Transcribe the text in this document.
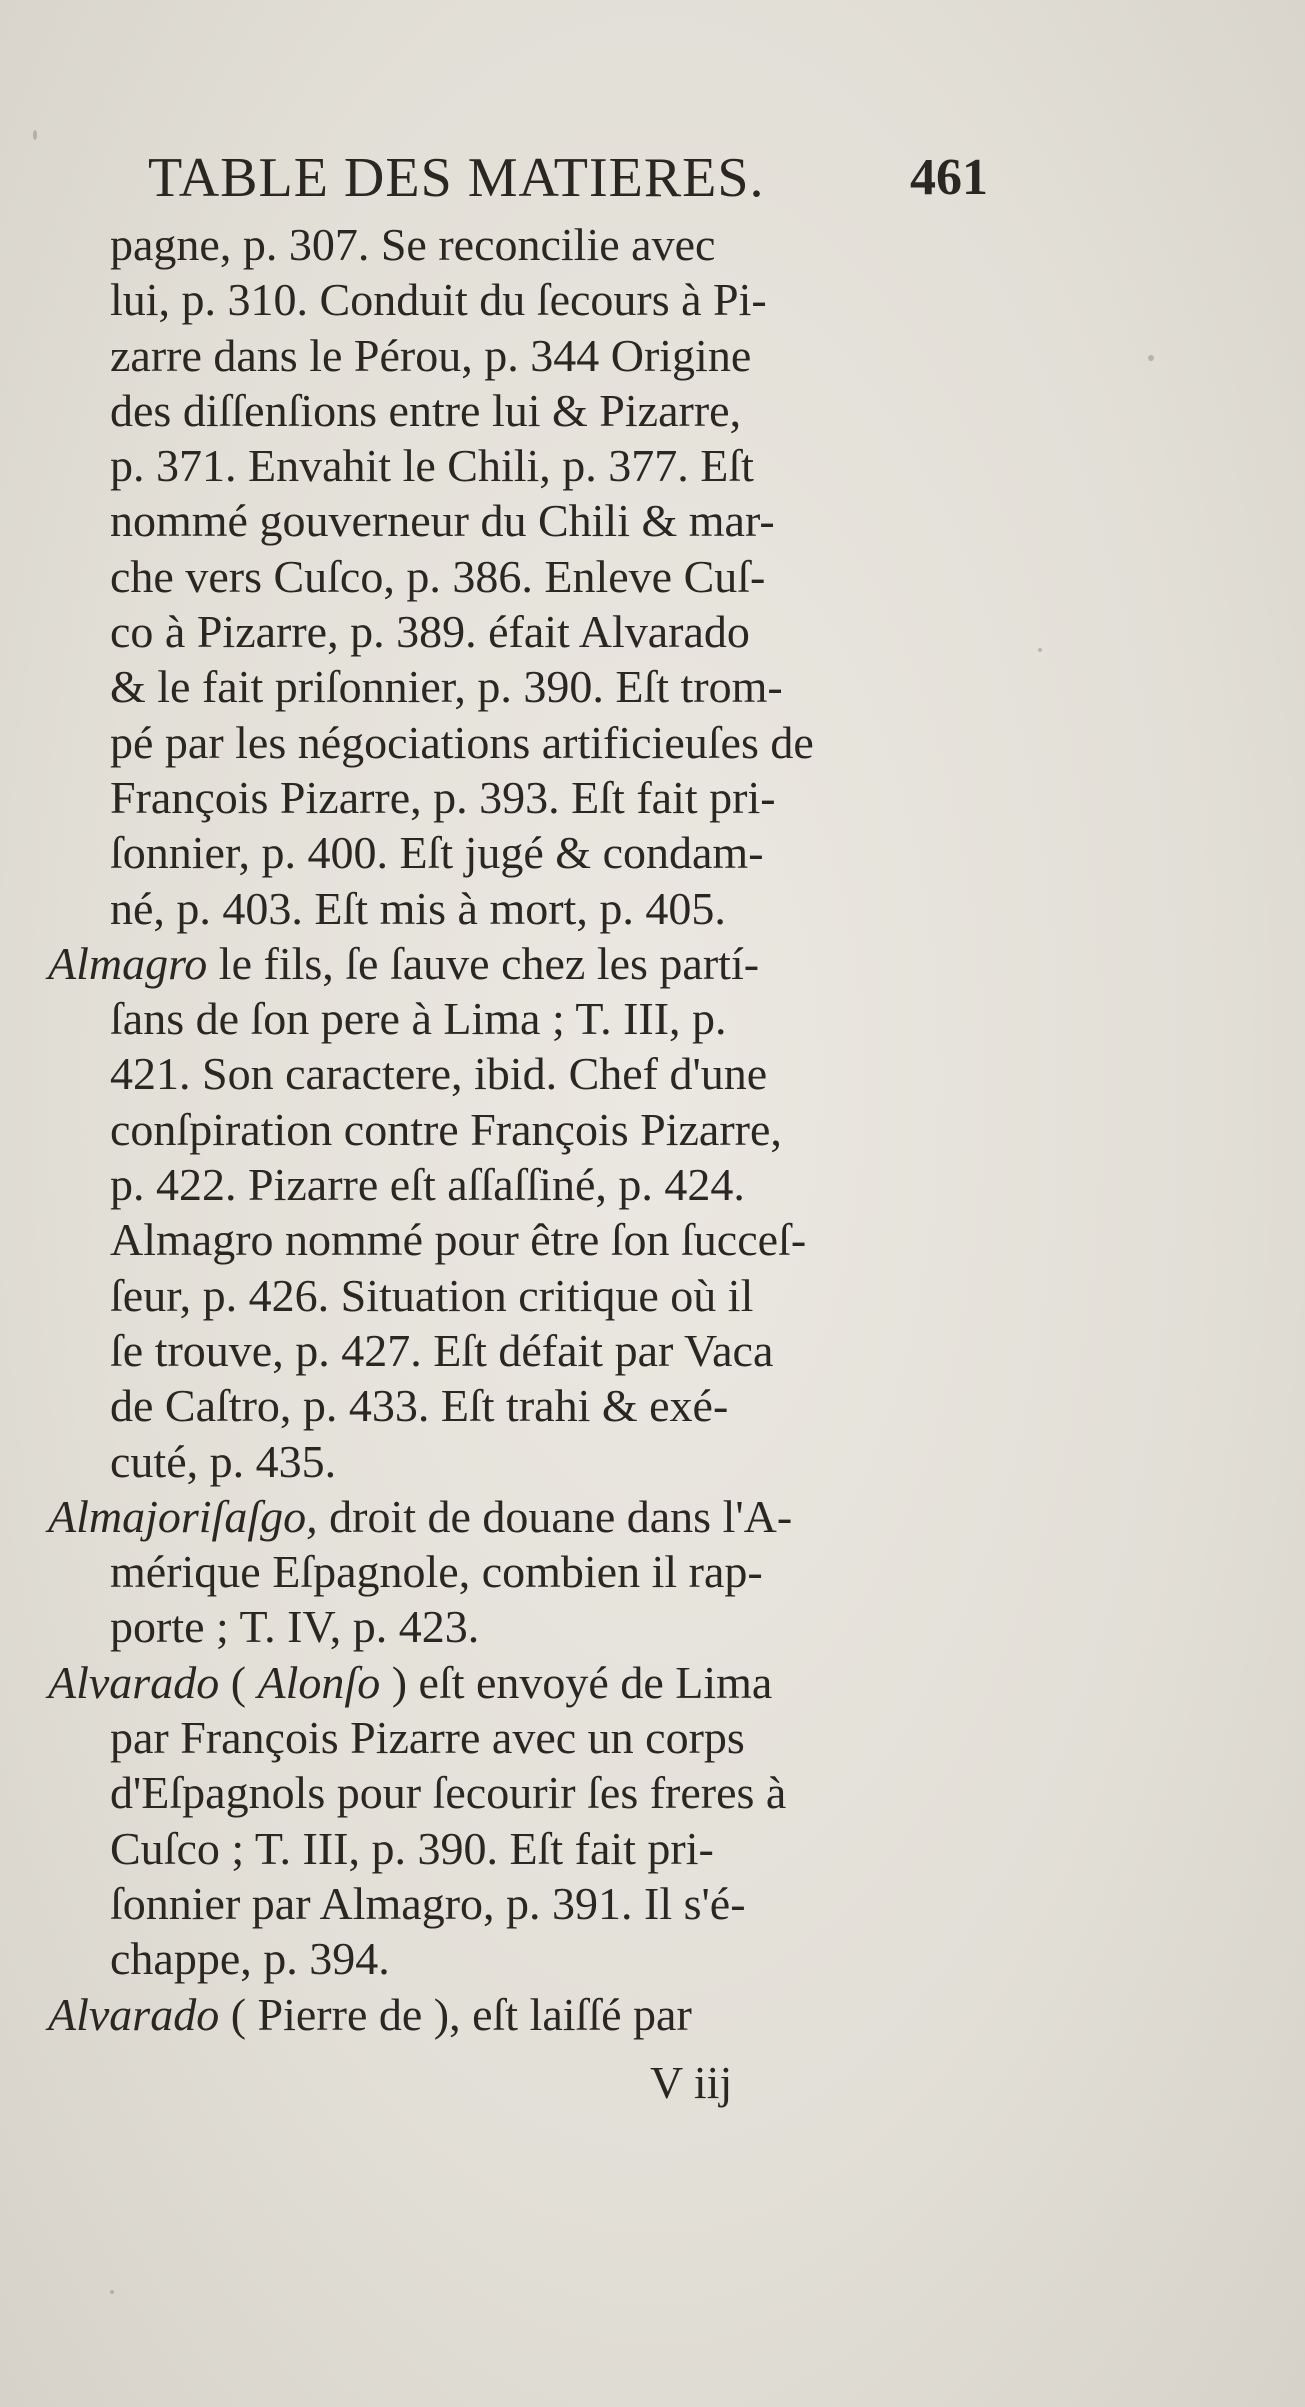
TABLE DES MATIERES.	461
pagne, p. 307. Se reconcilie avec
lui, p. 310. Conduit du ſecours à Pi-
zarre dans le Pérou, p. 344 Origine
des diſſenſions entre lui & Pizarre,
p. 371. Envahit le Chili, p. 377. Eſt
nommé gouverneur du Chili & mar-
che vers Cuſco, p. 386. Enleve Cuſ-
co à Pizarre, p. 389. éfait Alvarado
& le fait priſonnier, p. 390. Eſt trom-
pé par les négociations artificieuſes de
François Pizarre, p. 393. Eſt fait pri-
ſonnier, p. 400. Eſt jugé & condam-
né, p. 403. Eſt mis à mort, p. 405.
Almagro le fils, ſe ſauve chez les partí-
ſans de ſon pere à Lima ; T. III, p.
421. Son caractere, ibid. Chef d'une
conſpiration contre François Pizarre,
p. 422. Pizarre eſt aſſaſſiné, p. 424.
Almagro nommé pour être ſon ſucceſ-
ſeur, p. 426. Situation critique où il
ſe trouve, p. 427. Eſt défait par Vaca
de Caſtro, p. 433. Eſt trahi & exé-
cuté, p. 435.
Almajoriſaſgo, droit de douane dans l'A-
mérique Eſpagnole, combien il rap-
porte ; T. IV, p. 423.
Alvarado ( Alonſo ) eſt envoyé de Lima
par François Pizarre avec un corps
d'Eſpagnols pour ſecourir ſes freres à
Cuſco ; T. III, p. 390. Eſt fait pri-
ſonnier par Almagro, p. 391. Il s'é-
chappe, p. 394.
Alvarado ( Pierre de ), eſt laiſſé par
V iij
